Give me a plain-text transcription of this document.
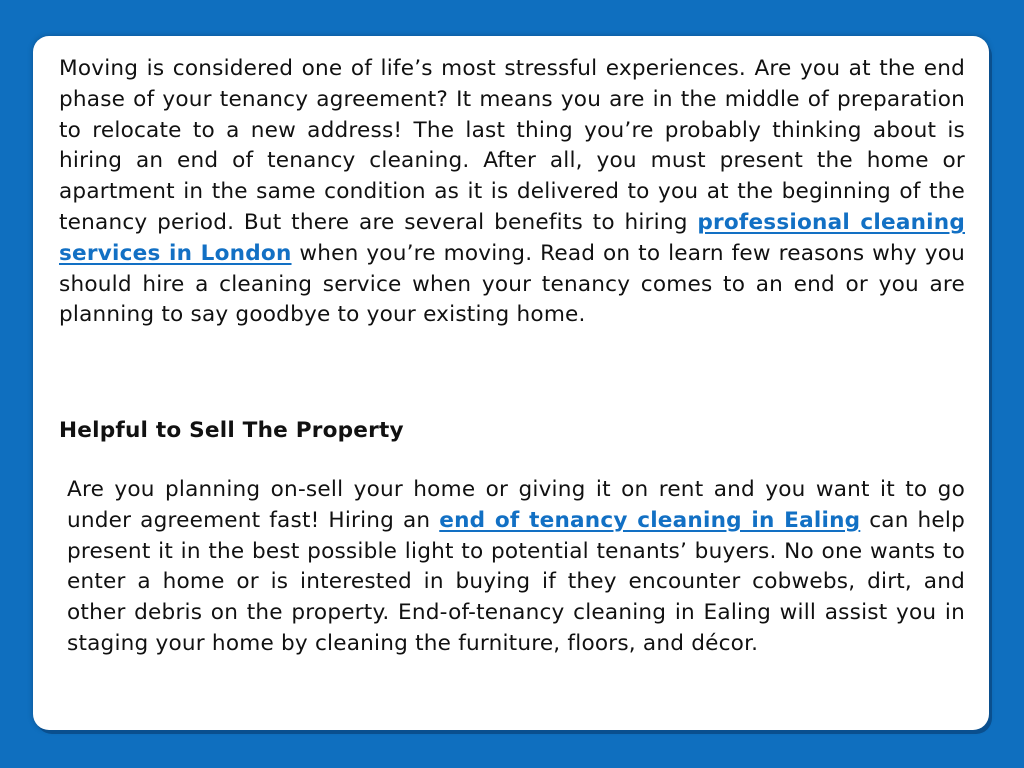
Moving is considered one of life’s most stressful experiences. Are you at the end phase of your tenancy agreement? It means you are in the middle of preparation to relocate to a new address! The last thing you’re probably thinking about is hiring an end of tenancy cleaning. After all, you must present the home or apartment in the same condition as it is delivered to you at the beginning of the tenancy period. But there are several benefits to hiring professional cleaning services in London when you’re moving. Read on to learn few reasons why you should hire a cleaning service when your tenancy comes to an end or you are planning to say goodbye to your existing home.

Helpful to Sell The Property

Are you planning on-sell your home or giving it on rent and you want it to go under agreement fast! Hiring an end of tenancy cleaning in Ealing can help present it in the best possible light to potential tenants’ buyers. No one wants to enter a home or is interested in buying if they encounter cobwebs, dirt, and other debris on the property. End-of-tenancy cleaning in Ealing will assist you in staging your home by cleaning the furniture, floors, and décor.
